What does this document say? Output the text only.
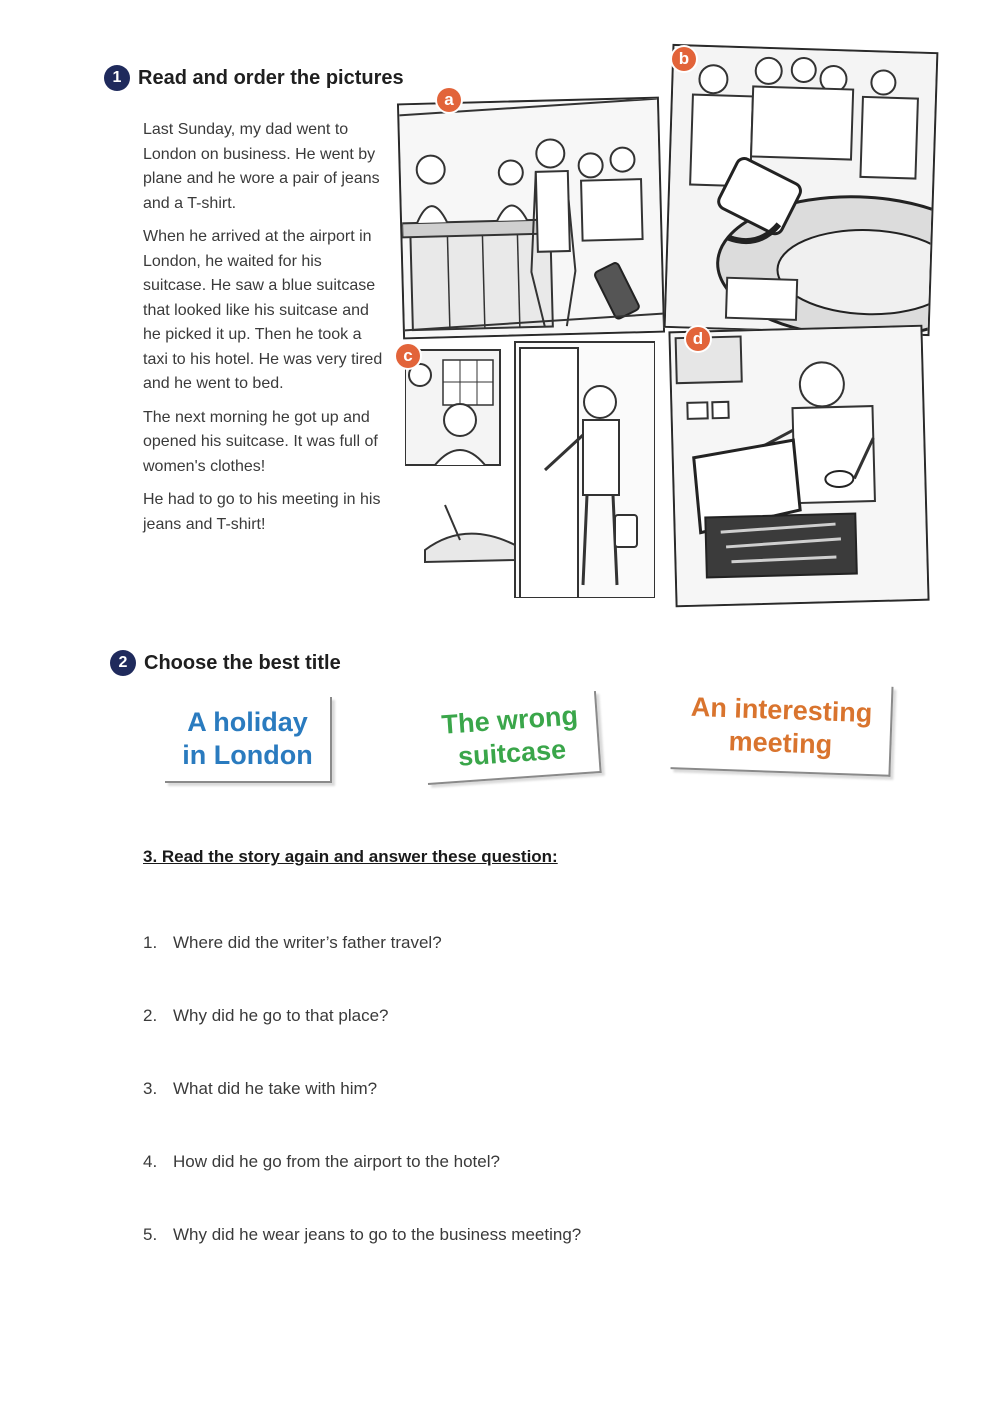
1 Read and order the pictures

Last Sunday, my dad went to London on business. He went by plane and he wore a pair of jeans and a T-shirt.

When he arrived at the airport in London, he waited for his suitcase. He saw a blue suitcase that looked like his suitcase and he picked it up. Then he took a taxi to his hotel. He was very tired and he went to bed.

The next morning he got up and opened his suitcase. It was full of women's clothes!

He had to go to his meeting in his jeans and T-shirt!

a
b
c
d
2 Choose the best title
A holiday
in London
The wrong
suitcase
An interesting
meeting
3. Read the story again and answer these question:
1. Where did the writer’s father travel?
2. Why did he go to that place?
3. What did he take with him?
4. How did he go from the airport to the hotel?
5. Why did he wear jeans to go to the business meeting?
